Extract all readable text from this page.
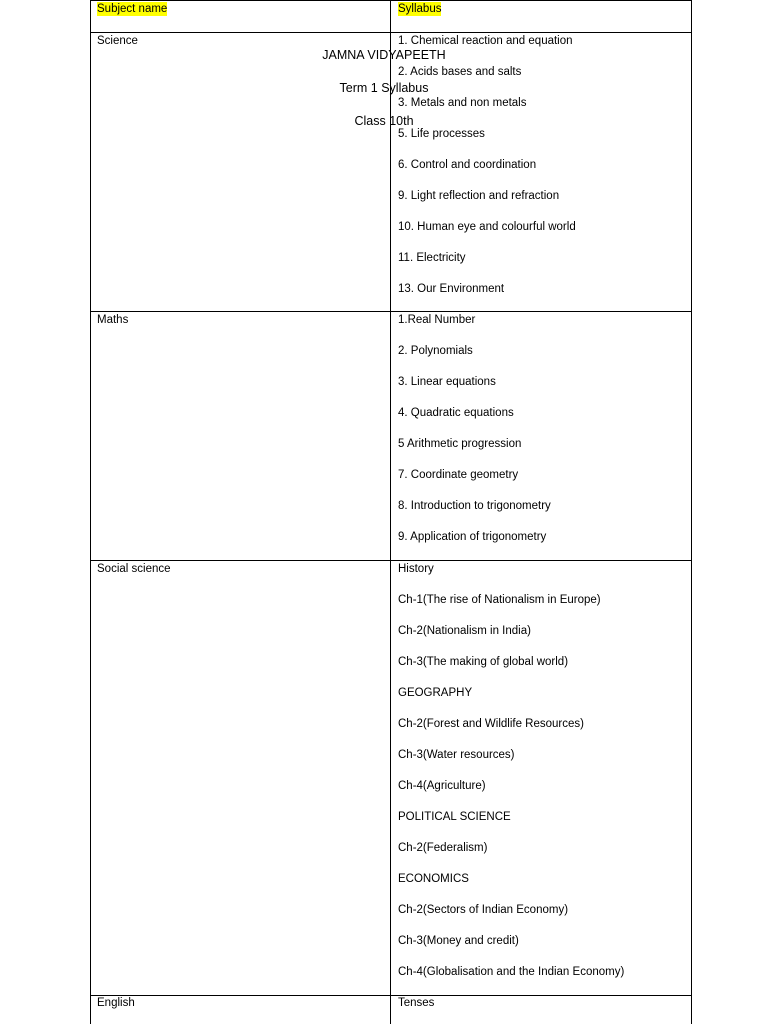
Subject name	Syllabus
Science
Maths
Social science
English
1. Chemical reaction and equation
2. Acids bases and salts
3. Metals and non metals
5. Life processes
6. Control and coordination
9. Light reflection and refraction
10. Human eye and colourful world
11. Electricity
13. Our Environment
1.Real Number
2. Polynomials
3. Linear equations
4. Quadratic equations
5 Arithmetic progression
7. Coordinate geometry
8. Introduction to trigonometry
9. Application of trigonometry
History
Ch-1(The rise of Nationalism in Europe)
Ch-2(Nationalism in India)
Ch-3(The making of global world)
GEOGRAPHY
Ch-2(Forest and Wildlife Resources)
Ch-3(Water resources)
Ch-4(Agriculture)
POLITICAL SCIENCE
Ch-2(Federalism)
ECONOMICS
Ch-2(Sectors of Indian Economy)
Ch-3(Money and credit)
Ch-4(Globalisation and the Indian Economy)
Tenses
JAMNA VIDYAPEETH
Term 1 Syllabus
Class 10th
